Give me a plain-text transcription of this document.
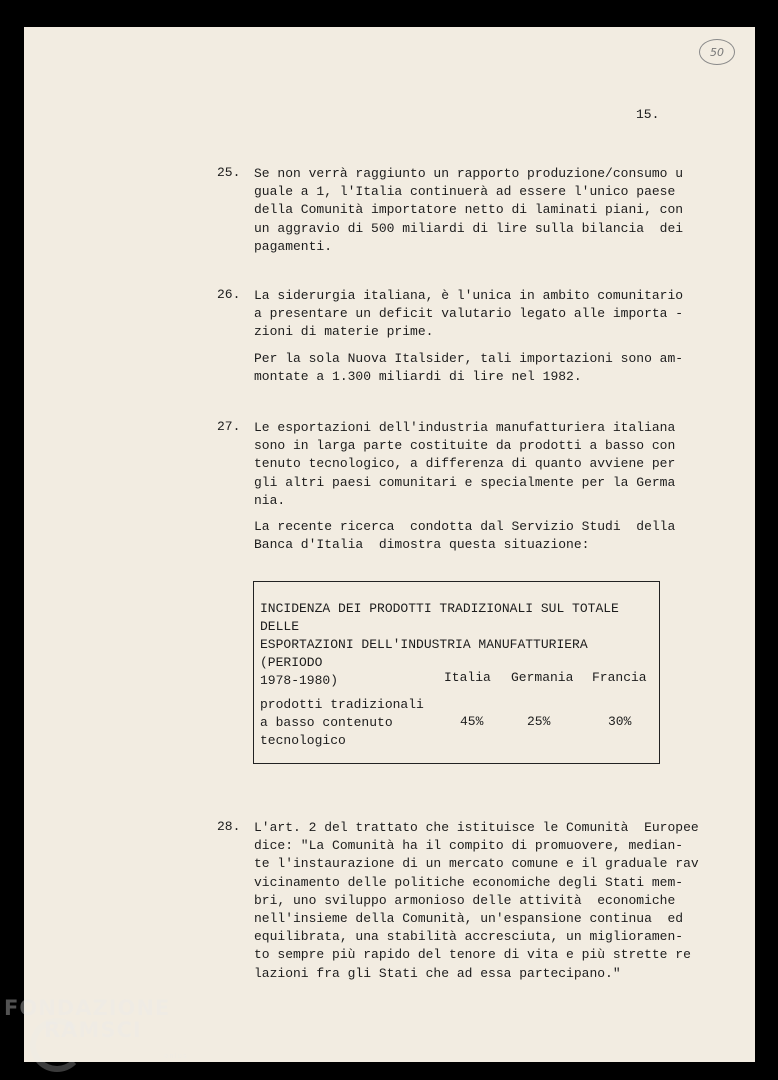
50
15.
25. Se non verrà raggiunto un rapporto produzione/consumo u
guale a 1, l'Italia continuerà ad essere l'unico paese
della Comunità importatore netto di laminati piani, con
un aggravio di 500 miliardi di lire sulla bilancia  dei
pagamenti.
26. La siderurgia italiana, è l'unica in ambito comunitario
a presentare un deficit valutario legato alle importa -
zioni di materie prime.
Per la sola Nuova Italsider, tali importazioni sono am-
montate a 1.300 miliardi di lire nel 1982.
27. Le esportazioni dell'industria manufatturiera italiana
sono in larga parte costituite da prodotti a basso con
tenuto tecnologico, a differenza di quanto avviene per
gli altri paesi comunitari e specialmente per la Germa
nia.
La recente ricerca  condotta dal Servizio Studi  della
Banca d'Italia  dimostra questa situazione:
INCIDENZA DEI PRODOTTI TRADIZIONALI SUL TOTALE DELLE
ESPORTAZIONI DELL'INDUSTRIA MANUFATTURIERA (PERIODO
1978-1980)	Italia Germania Francia
prodotti tradizionali
a basso contenuto
tecnologico
45%	25%	30%
28. L'art. 2 del trattato che istituisce le Comunità  Europee
dice: "La Comunità ha il compito di promuovere, median-
te l'instaurazione di un mercato comune e il graduale rav
vicinamento delle politiche economiche degli Stati mem-
bri, uno sviluppo armonioso delle attività  economiche
nell'insieme della Comunità, un'espansione continua  ed
equilibrata, una stabilità accresciuta, un miglioramen-
to sempre più rapido del tenore di vita e più strette re
lazioni fra gli Stati che ad essa partecipano."
FONDAZIONE
RAMSCI
onlus
